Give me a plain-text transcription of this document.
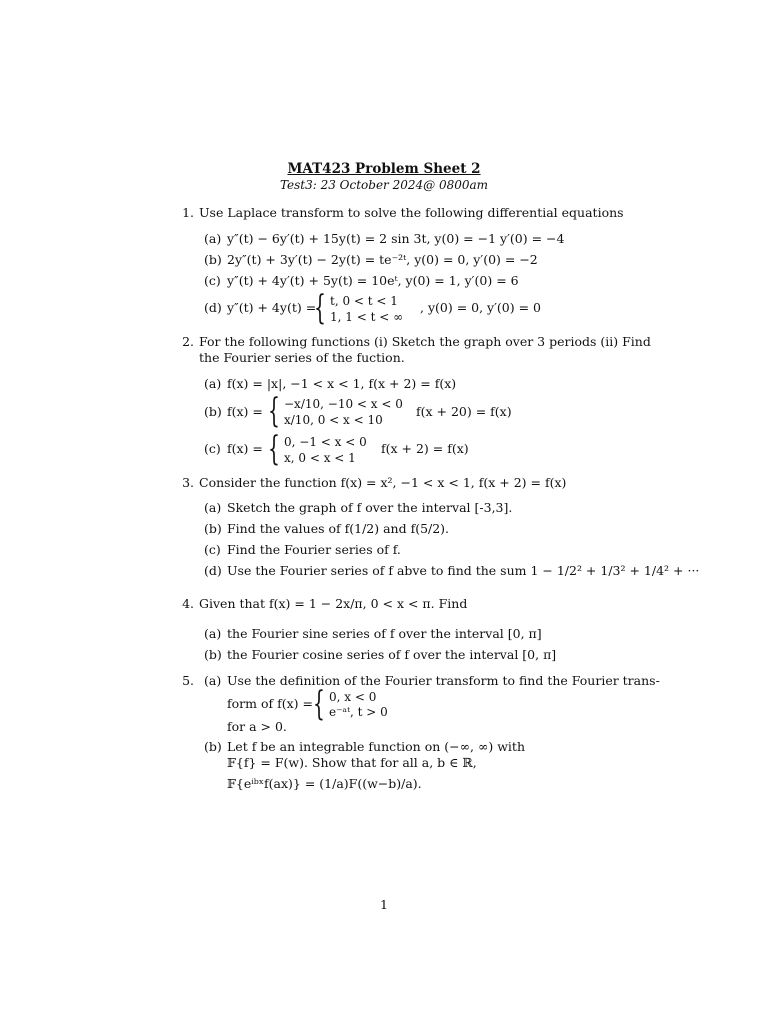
MAT423 Problem Sheet 2
Test3: 23 October 2024@ 0800am
1. Use Laplace transform to solve the following differential equations
(a) y″(t) − 6y′(t) + 15y(t) = 2 sin 3t, y(0) = −1 y′(0) = −4
(b) 2y″(t) + 3y′(t) − 2y(t) = te⁻²ᵗ, y(0) = 0, y′(0) = −2
(c) y″(t) + 4y′(t) + 5y(t) = 10eᵗ, y(0) = 1, y′(0) = 6
(d) y″(t) + 4y(t) =
{ t, 0 < t < 1
1, 1 < t < ∞
, y(0) = 0, y′(0) = 0
2. For the following functions (i) Sketch the graph over 3 periods (ii) Find
the Fourier series of the fuction.
(a) f(x) = |x|, −1 < x < 1, f(x + 2) = f(x)
(b) f(x) = { −x/10, −10 < x < 0
x/10, 0 < x < 10
f(x + 20) = f(x)
(c) f(x) = { 0, −1 < x < 0
x, 0 < x < 1
f(x + 2) = f(x)
3. Consider the function f(x) = x², −1 < x < 1, f(x + 2) = f(x)
(a) Sketch the graph of f over the interval [-3,3].
(b) Find the values of f(1/2) and f(5/2).
(c) Find the Fourier series of f.
(d) Use the Fourier series of f abve to find the sum 1 − 1/2² + 1/3² + 1/4² + ···
4. Given that f(x) = 1 − 2x/π, 0 < x < π. Find
(a) the Fourier sine series of f over the interval [0, π]
(b) the Fourier cosine series of f over the interval [0, π]
5. (a) Use the definition of the Fourier transform to find the Fourier trans-
form of f(x) = { 0, x < 0
e⁻ᵃᵗ, t > 0
for a > 0.
(b) Let f be an integrable function on (−∞, ∞) with
𝔽{f} = F(w). Show that for all a, b ∈ ℝ,
𝔽{eⁱᵇˣf(ax)} = (1/a)F((w−b)/a).
1
